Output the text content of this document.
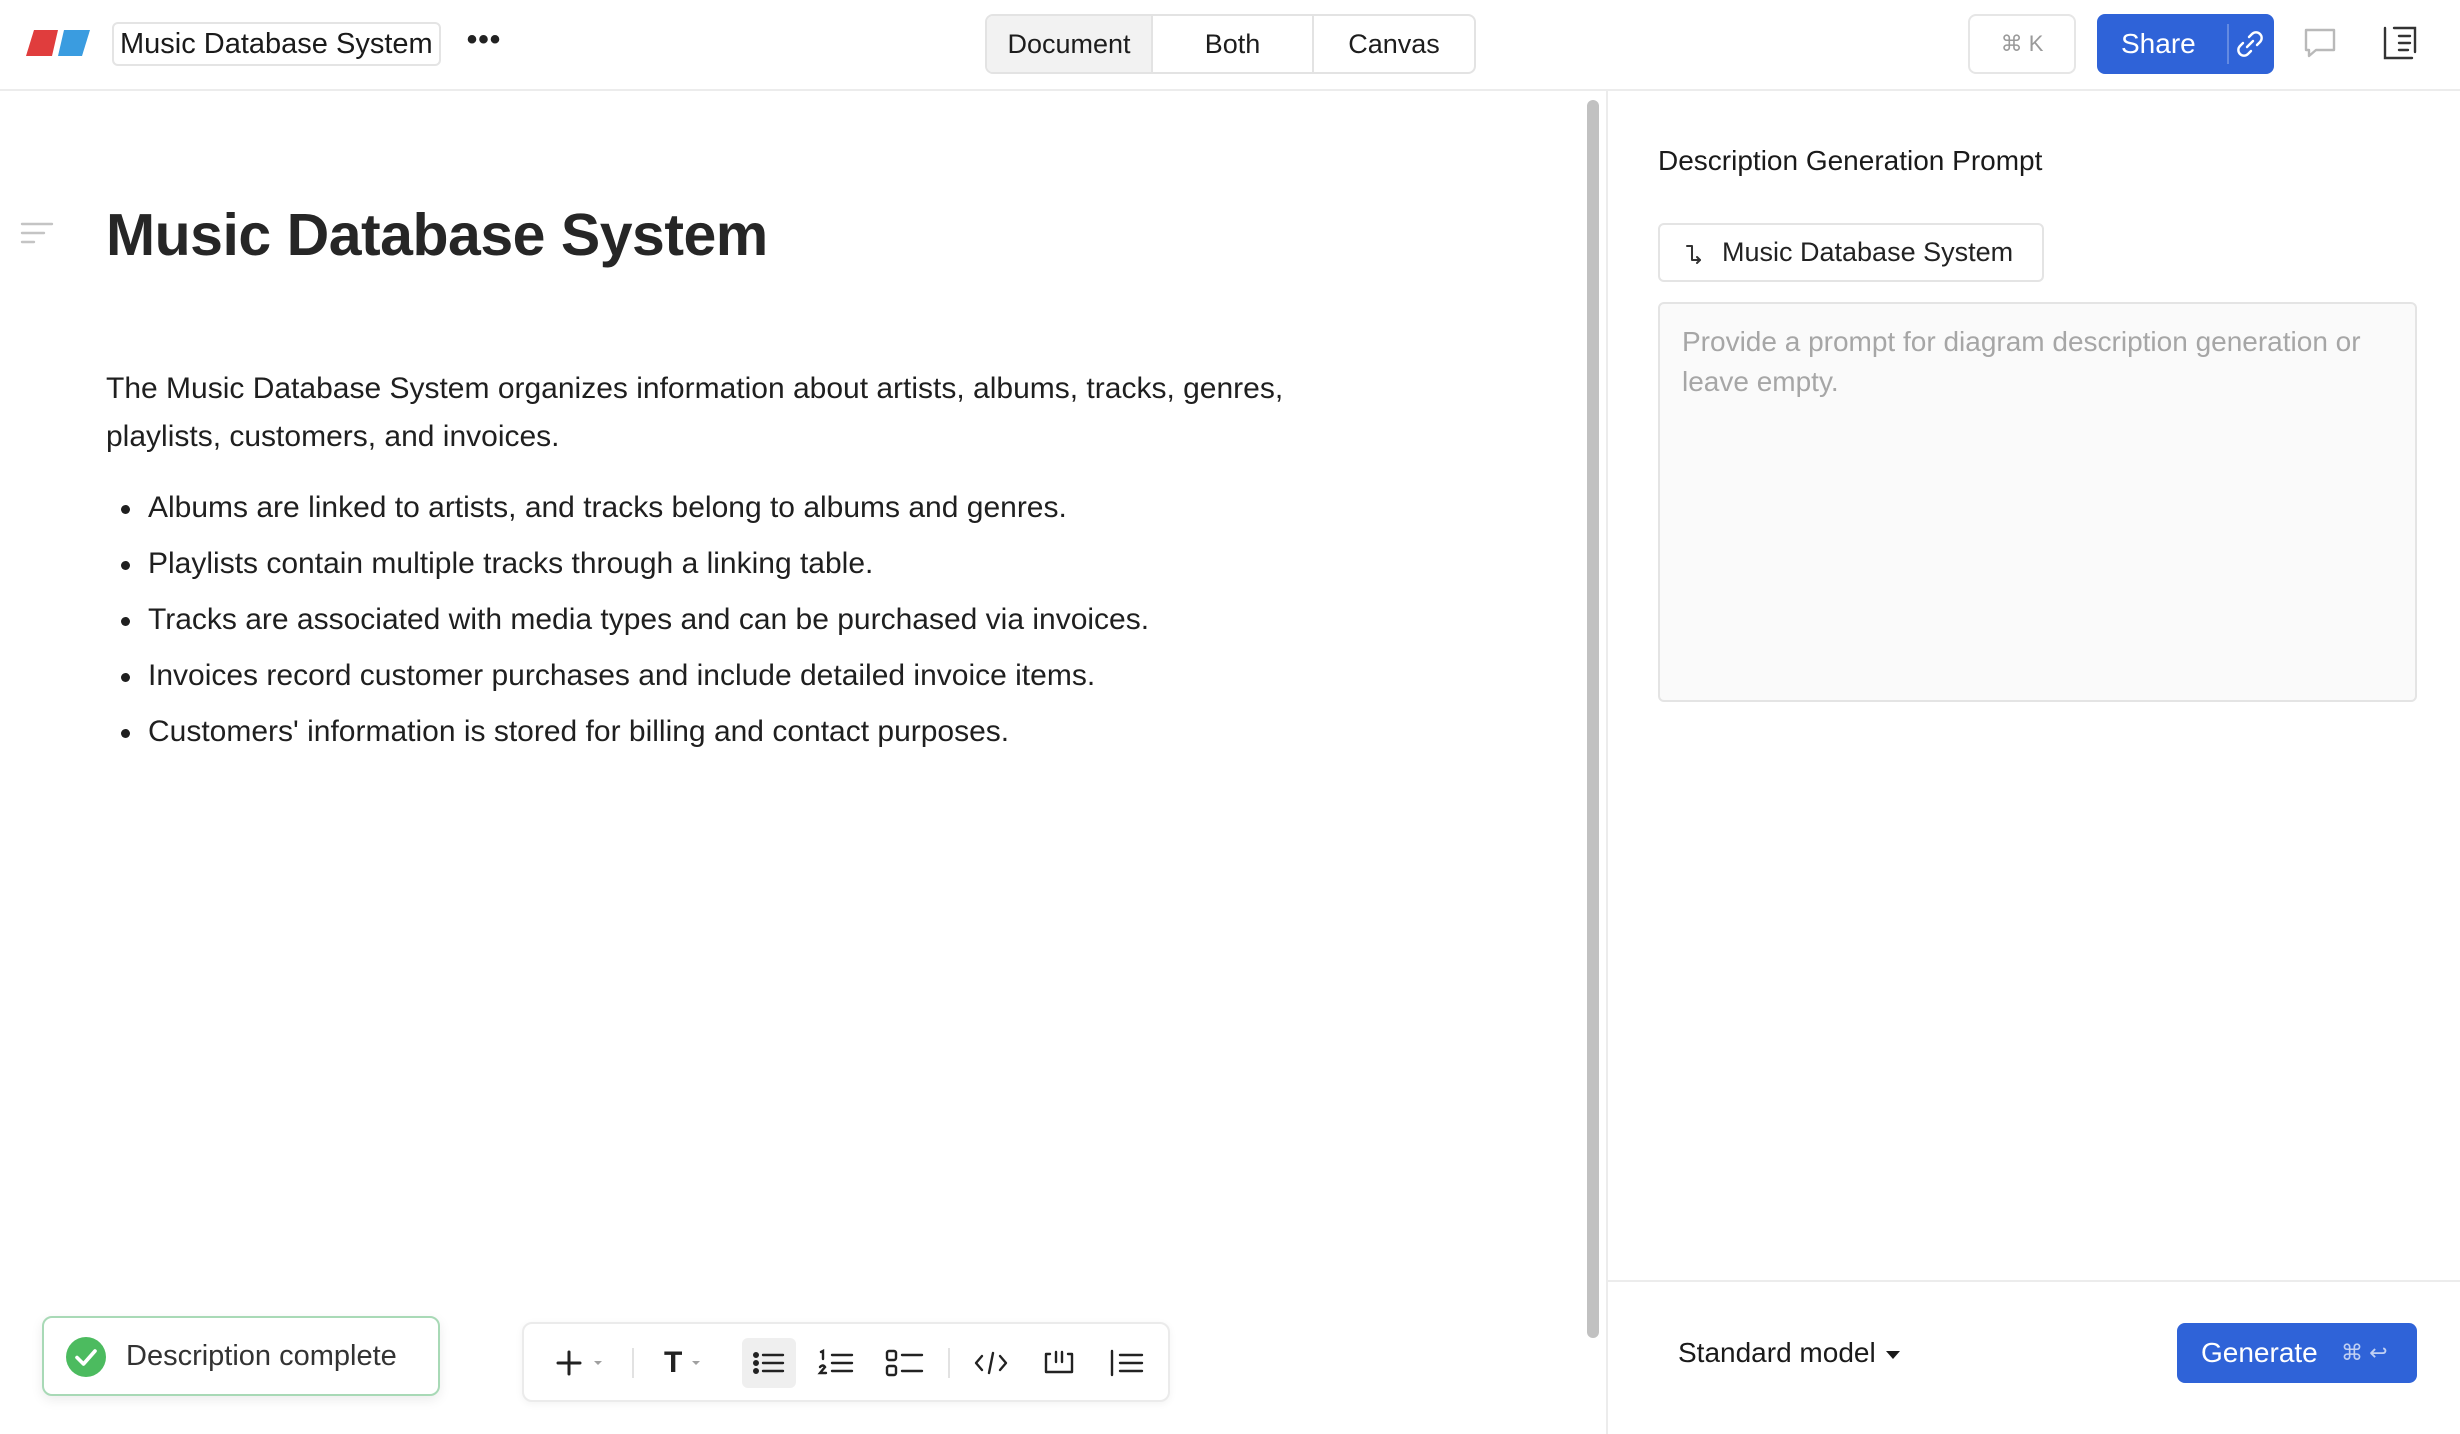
Music Database System •••	Document	Both	Canvas	⌘ K	Share
Music Database System
The Music Database System organizes information about artists, albums, tracks, genres, playlists, customers, and invoices.
Albums are linked to artists, and tracks belong to albums and genres.
Playlists contain multiple tracks through a linking table.
Tracks are associated with media types and can be purchased via invoices.
Invoices record customer purchases and include detailed invoice items.
Customers' information is stored for billing and contact purposes.
Description complete	T
Description Generation Prompt
Music Database System
Provide a prompt for diagram description generation or leave empty.
Standard model	Generate ⌘ ↩
